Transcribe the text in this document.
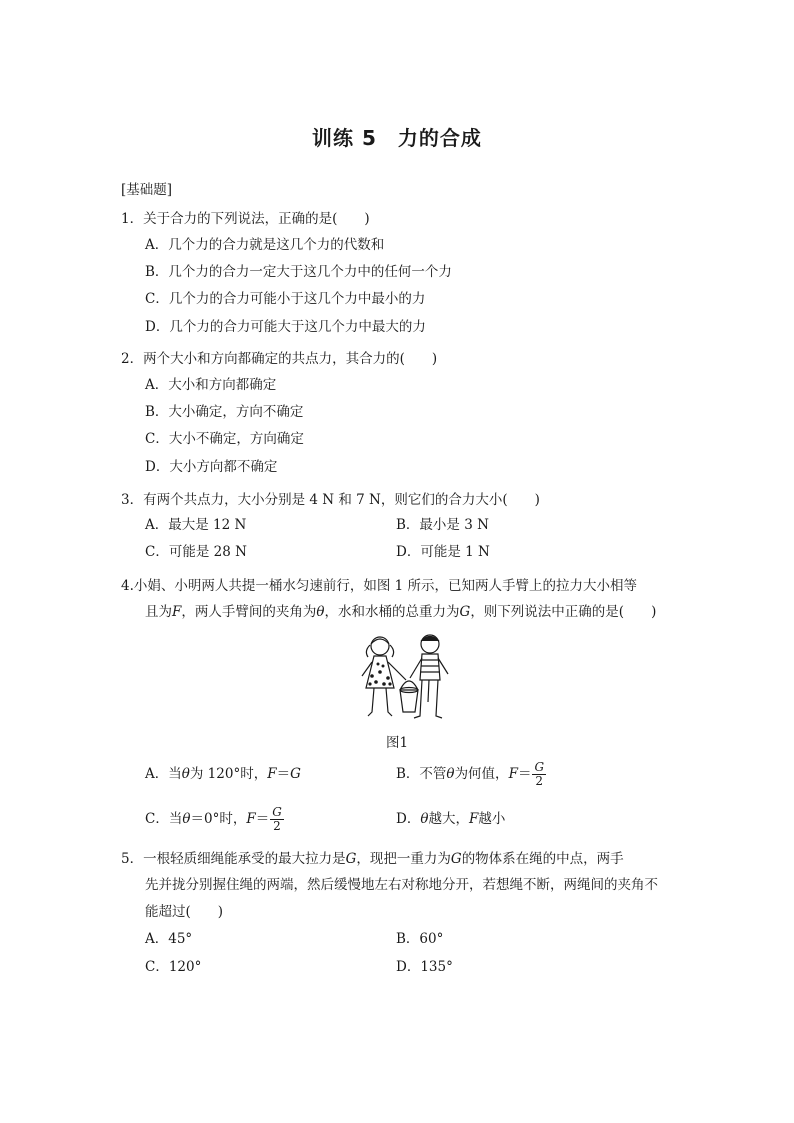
训练 5　力的合成
[基础题]
1．关于合力的下列说法，正确的是(　　)
A．几个力的合力就是这几个力的代数和
B．几个力的合力一定大于这几个力中的任何一个力
C．几个力的合力可能小于这几个力中最小的力
D．几个力的合力可能大于这几个力中最大的力
2．两个大小和方向都确定的共点力，其合力的(　　)
A．大小和方向都确定
B．大小确定，方向不确定
C．大小不确定，方向确定
D．大小方向都不确定
3．有两个共点力，大小分别是 4 N 和 7 N，则它们的合力大小(　　)
A．最大是 12 N	B．最小是 3 N
C．可能是 28 N	D．可能是 1 N
4.小娟、小明两人共提一桶水匀速前行，如图 1 所示，已知两人手臂上的拉力大小相等
且为F，两人手臂间的夹角为θ，水和水桶的总重力为G，则下列说法中正确的是(　　)
图1
A．当θ为 120°时，F＝G	B．不管θ为何值，$F= \frac{G}{2}$
C．当θ＝0°时，$F= \frac{G}{2}$	D．θ越大，F越小
5．一根轻质细绳能承受的最大拉力是G，现把一重力为G的物体系在绳的中点，两手
先并拢分别握住绳的两端，然后缓慢地左右对称地分开，若想绳不断，两绳间的夹角不
能超过(　　)
A．45°	B．60°
C．120°	D．135°
